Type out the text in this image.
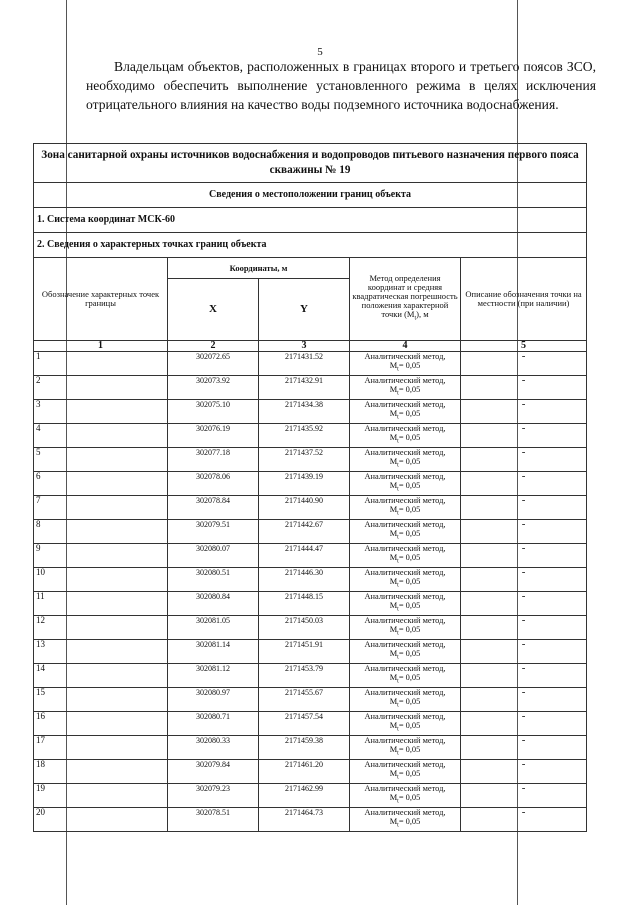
5

Владельцам объектов, расположенных в границах второго и третьего поясов ЗСО, необходимо обеспечить выполнение установленного режима в целях исключения отрицательного влияния на качество воды подземного источника водоснабжения.

Зона санитарной охраны источников водоснабжения и водопроводов питьевого назначения первого пояса скважины № 19				
Сведения о местоположении границ объекта				
1. Система координат МСК-60				
2. Сведения о характерных точках границ объекта				
Обозначение характерных точек границы	Координаты, м		Метод определения координат и средняя квадратическая погрешность положения характерной точки $(M_t)$, м	Описание обозначения точки на местности (при наличии)
	X	Y		
1	2	3	4	5
1	302072.65	2171431.52	Аналитический метод,
$M_t= 0,05$	-
2	302073.92	2171432.91	Аналитический метод,
$M_t= 0,05$	-
3	302075.10	2171434.38	Аналитический метод,
$M_t= 0,05$	-
4	302076.19	2171435.92	Аналитический метод,
$M_t= 0,05$	-
5	302077.18	2171437.52	Аналитический метод,
$M_t= 0,05$	-
6	302078.06	2171439.19	Аналитический метод,
$M_t= 0,05$	-
7	302078.84	2171440.90	Аналитический метод,
$M_t= 0,05$	-
8	302079.51	2171442.67	Аналитический метод,
$M_t= 0,05$	-
9	302080.07	2171444.47	Аналитический метод,
$M_t= 0,05$	-
10	302080.51	2171446.30	Аналитический метод,
$M_t= 0,05$	-
11	302080.84	2171448.15	Аналитический метод,
$M_t= 0,05$	-
12	302081.05	2171450.03	Аналитический метод,
$M_t= 0,05$	-
13	302081.14	2171451.91	Аналитический метод,
$M_t= 0,05$	-
14	302081.12	2171453.79	Аналитический метод,
$M_t= 0,05$	-
15	302080.97	2171455.67	Аналитический метод,
$M_t= 0,05$	-
16	302080.71	2171457.54	Аналитический метод,
$M_t= 0,05$	-
17	302080.33	2171459.38	Аналитический метод,
$M_t= 0,05$	-
18	302079.84	2171461.20	Аналитический метод,
$M_t= 0,05$	-
19	302079.23	2171462.99	Аналитический метод,
$M_t= 0,05$	-
20	302078.51	2171464.73	Аналитический метод,
$M_t= 0,05$	-
